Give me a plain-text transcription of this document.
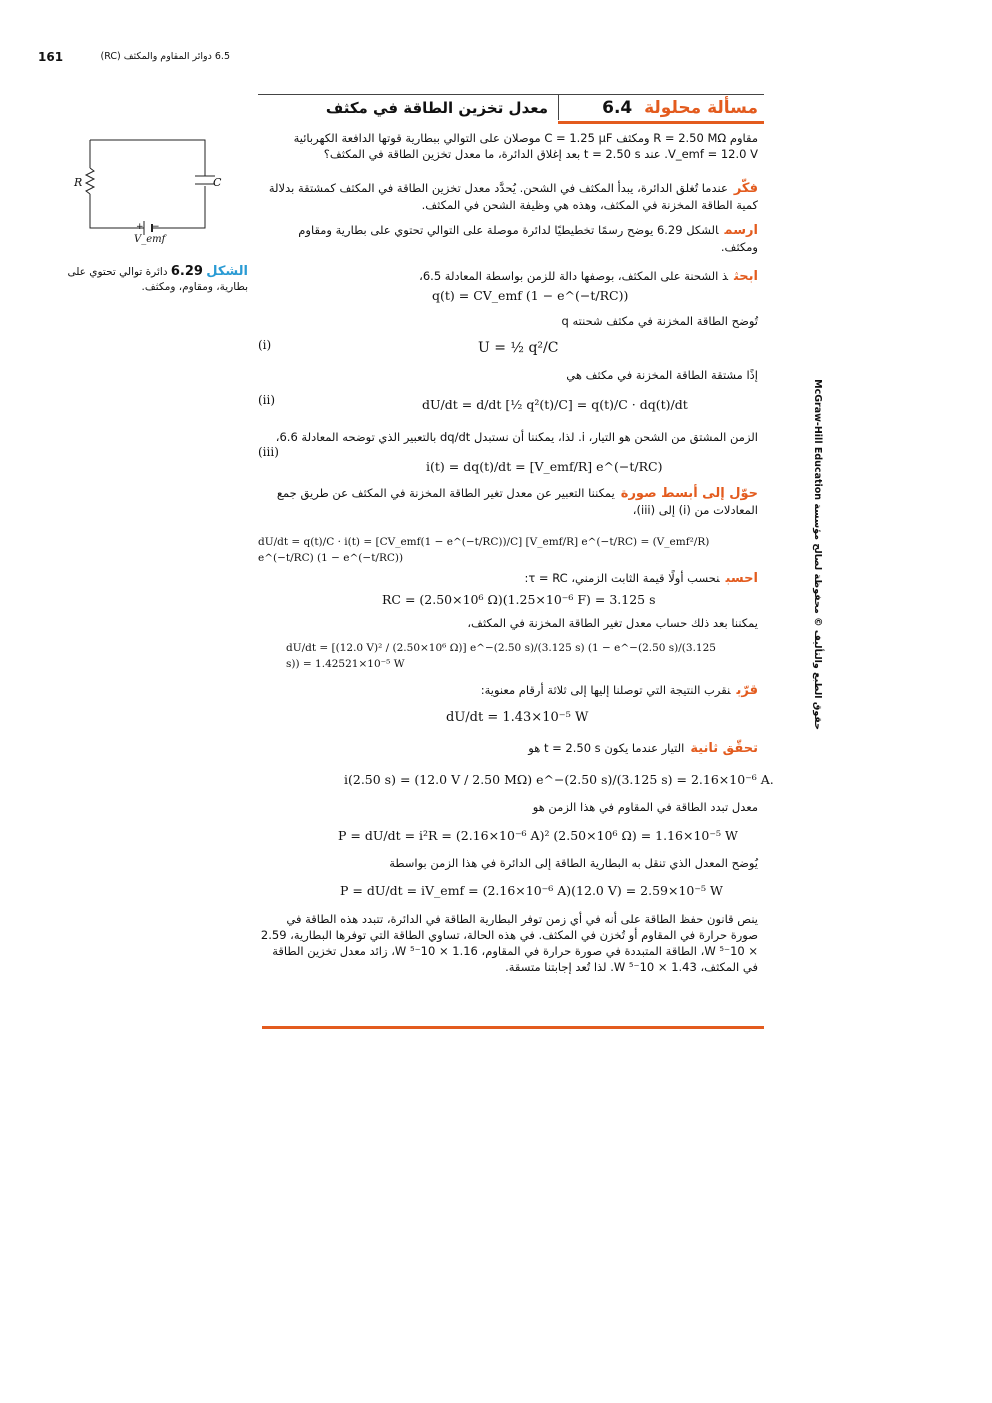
161	6.5 دوائر المقاوم والمكثف (RC)
مسألة محلولة  6.4
معدل تخزين الطاقة في مكثف
مقاوم R = 2.50 MΩ ومكثف C = 1.25 μF موصلان على التوالي ببطارية قوتها الدافعة الكهربائية
V_emf = 12.0 V. عند t = 2.50 s بعد إغلاق الدائرة، ما معدل تخزين الطاقة في المكثف؟
فكّرعندما تُغلق الدائرة، يبدأ المكثف في الشحن. يُحدَّد معدل تخزين الطاقة في المكثف كمشتقة بدلالة كمية الطاقة المخزنة في المكثف، وهذه هي وظيفة الشحن في المكثف.
ارسمالشكل 6.29 يوضح رسمًا تخطيطيًا لدائرة موصلة على التوالي تحتوي على بطارية ومقاوم ومكثف.
R	C
+ −
V_emf
الشكل 6.29 دائرة توالي تحتوي على بطارية، ومقاوم، ومكثف.
ابحثذ الشحنة على المكثف، بوصفها دالة للزمن بواسطة المعادلة 6.5،
q(t) = CV_emf (1 − e^(−t/RC))
تُوضح الطاقة المخزنة في مكثف شحنته q
(i)	U = ½ q²/C
إذًا مشتقة الطاقة المخزنة في مكثف هي
(ii)	dU/dt = d/dt [½ q²(t)/C] = q(t)/C · dq(t)/dt
الزمن المشتق من الشحن هو التيار، i. لذا، يمكننا أن نستبدل dq/dt بالتعبير الذي توضحه المعادلة 6.6،
(iii)
i(t) = dq(t)/dt = [V_emf/R] e^(−t/RC)
حوّل إلى أبسط صورةيمكننا التعبير عن معدل تغير الطاقة المخزنة في المكثف عن طريق جمع المعادلات من (i) إلى (iii)،
dU/dt = q(t)/C · i(t) = [CV_emf(1 − e^(−t/RC))/C] [V_emf/R] e^(−t/RC) = (V_emf²/R) e^(−t/RC) (1 − e^(−t/RC))
احسبنحسب أولًا قيمة الثابت الزمني، τ = RC:
RC = (2.50×10⁶ Ω)(1.25×10⁻⁶ F) = 3.125 s
يمكننا بعد ذلك حساب معدل تغير الطاقة المخزنة في المكثف،
dU/dt = [(12.0 V)² / (2.50×10⁶ Ω)] e^−(2.50 s)/(3.125 s) (1 − e^−(2.50 s)/(3.125 s)) = 1.42521×10⁻⁵ W
قرّبنقرب النتيجة التي توصلنا إليها إلى ثلاثة أرقام معنوية:
dU/dt = 1.43×10⁻⁵ W
تحقّق ثانيةالتيار عندما يكون t = 2.50 s هو
i(2.50 s) = (12.0 V / 2.50 MΩ) e^−(2.50 s)/(3.125 s) = 2.16×10⁻⁶ A.
معدل تبدد الطاقة في المقاوم في هذا الزمن هو
P = dU/dt = i²R = (2.16×10⁻⁶ A)² (2.50×10⁶ Ω) = 1.16×10⁻⁵ W
يُوضح المعدل الذي تنقل به البطارية الطاقة إلى الدائرة في هذا الزمن بواسطة
P = dU/dt = iV_emf = (2.16×10⁻⁶ A)(12.0 V) = 2.59×10⁻⁵ W
ينص قانون حفظ الطاقة على أنه في أي زمن توفر البطارية الطاقة في الدائرة، تتبدد هذه الطاقة في صورة حرارة في المقاوم أو تُخزن في المكثف. في هذه الحالة، تساوي الطاقة التي توفرها البطارية، 2.59 × 10⁻⁵ W، الطاقة المتبددة في صورة حرارة في المقاوم، 1.16 × 10⁻⁵ W، زائد معدل تخزين الطاقة في المكثف، 1.43 × 10⁻⁵ W. لذا تُعد إجابتنا متسقة.
حقوق الطبع والتأليف © محفوظة لصالح مؤسسة McGraw-Hill Education
